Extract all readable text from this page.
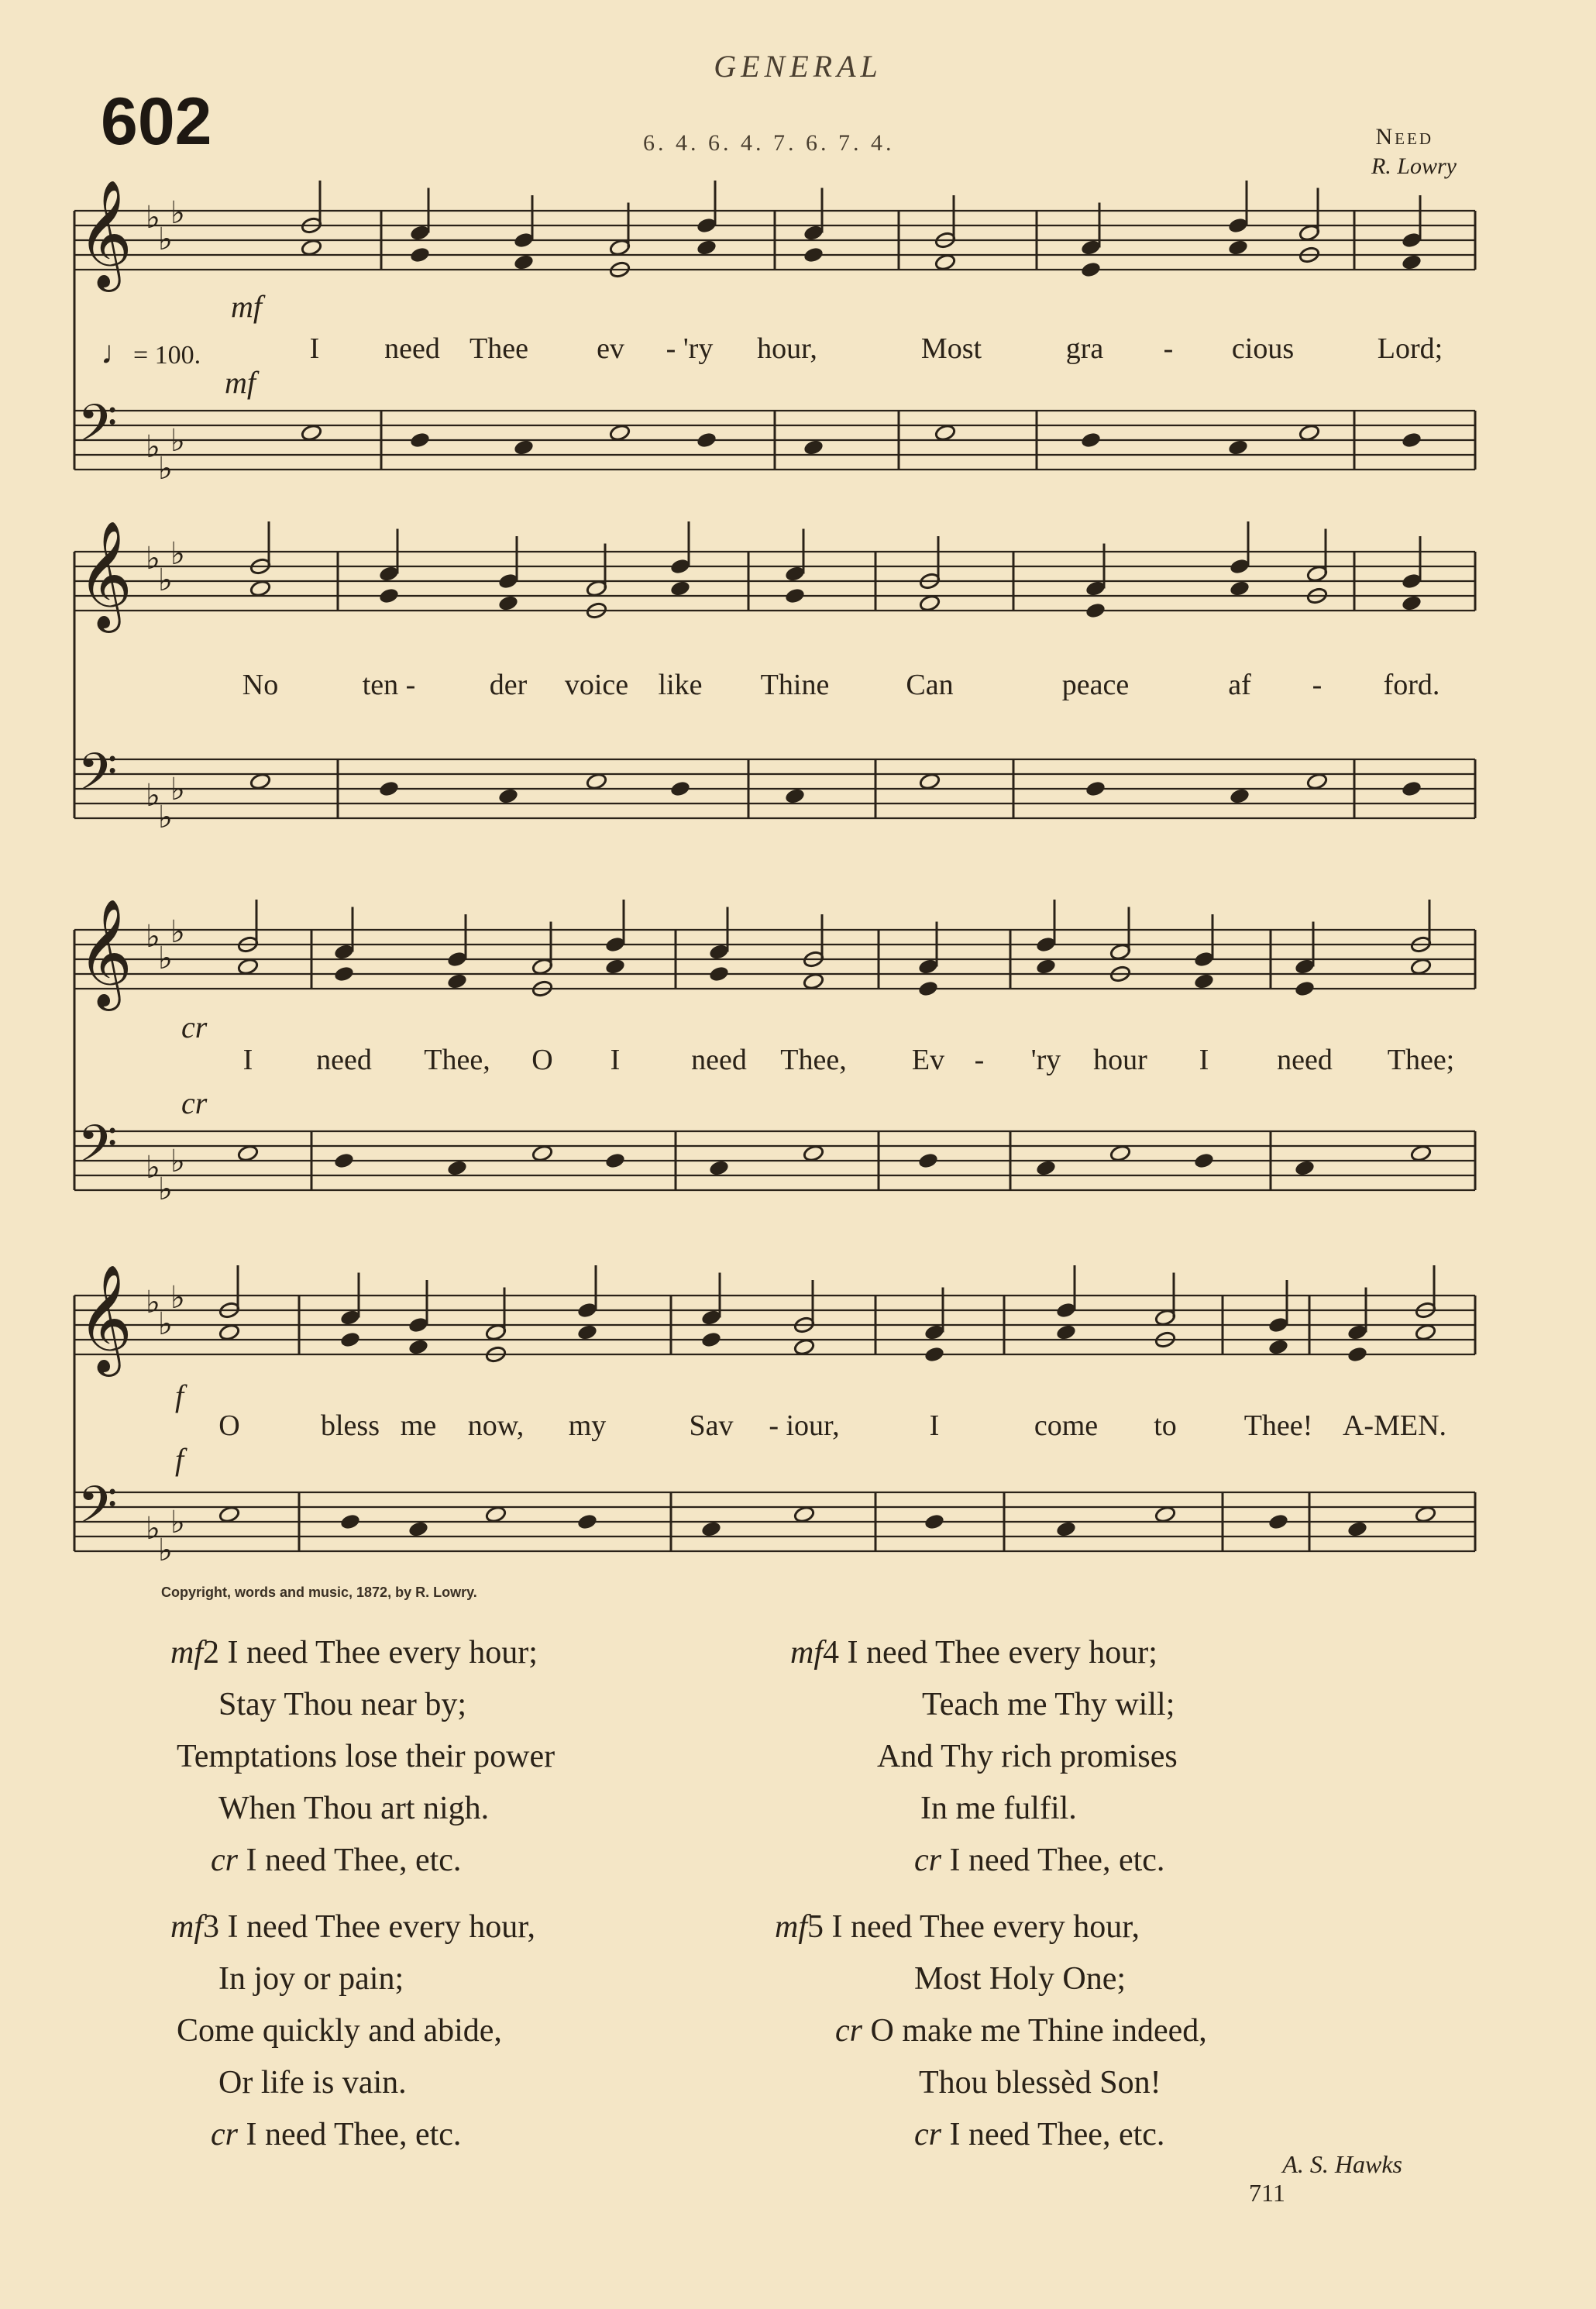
GENERAL
602	6. 4. 6. 4. 7. 6. 7. 4.	Need
R. Lowry
𝄞 ♭
♭
♭
𝄢 ♭
♭
♭
𝄞 ♭
♭
♭
𝄢 ♭
♭
♭
𝄞 ♭
♭
♭
𝄢 ♭
♭
♭
𝄞 ♭
♭
♭
𝄢 ♭
♭
♭
♩= 100.
mf
mf
cr
cr
f
f
I need Thee ev - 'ry hour,	Most	gra - cious	Lord;
No	ten -	der voice like Thine	Can	peace	af - ford.
I need Thee, O I need Thee, Ev - 'ry hour I need Thee;
O	bless me now, my	Sav - iour,	I	come to Thee! A-MEN.
Copyright, words and music, 1872, by R. Lowry.
mf2 I need Thee every hour;
Stay Thou near by;
Temptations lose their power
When Thou art nigh.
cr I need Thee, etc.
mf3 I need Thee every hour,
In joy or pain;
Come quickly and abide,
Or life is vain.
cr I need Thee, etc.
mf4 I need Thee every hour;
Teach me Thy will;
And Thy rich promises
In me fulfil.
cr I need Thee, etc.
mf5 I need Thee every hour,
Most Holy One;
cr O make me Thine indeed,
Thou blessèd Son!
cr I need Thee, etc.
A. S. Hawks
711
